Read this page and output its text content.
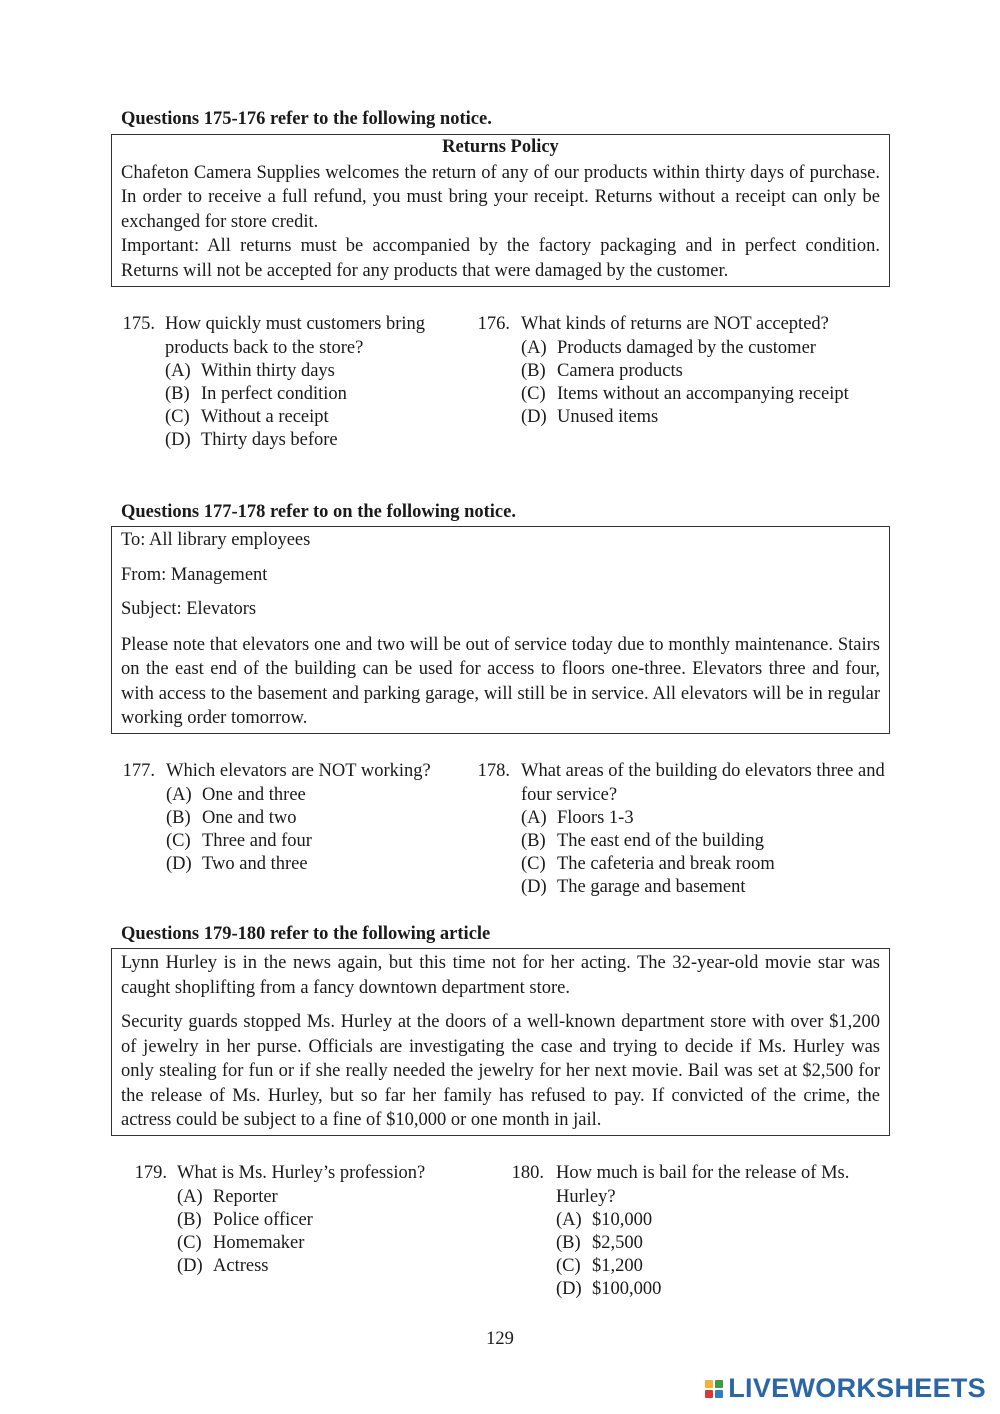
Questions 175-176 refer to the following notice.
Returns Policy

Chafeton Camera Supplies welcomes the return of any of our products within thirty days of purchase. In order to receive a full refund, you must bring your receipt. Returns without a receipt can only be exchanged for store credit.

Important: All returns must be accompanied by the factory packaging and in perfect condition. Returns will not be accepted for any products that were damaged by the customer.

175. How quickly must customers bring products back to the store?
(A) Within thirty days
(B) In perfect condition
(C) Without a receipt
(D) Thirty days before
176. What kinds of returns are NOT accepted?
(A) Products damaged by the customer
(B) Camera products
(C) Items without an accompanying receipt
(D) Unused items
Questions 177-178 refer to on the following notice.
To: All library employees
From: Management
Subject: Elevators

Please note that elevators one and two will be out of service today due to monthly maintenance. Stairs on the east end of the building can be used for access to floors one-three. Elevators three and four, with access to the basement and parking garage, will still be in service. All elevators will be in regular working order tomorrow.

177. Which elevators are NOT working?
(A) One and three
(B) One and two
(C) Three and four
(D) Two and three
178. What areas of the building do elevators three and four service?
(A) Floors 1-3
(B) The east end of the building
(C) The cafeteria and break room
(D) The garage and basement
Questions 179-180 refer to the following article

Lynn Hurley is in the news again, but this time not for her acting. The 32-year-old movie star was caught shoplifting from a fancy downtown department store.

Security guards stopped Ms. Hurley at the doors of a well-known department store with over $1,200 of jewelry in her purse. Officials are investigating the case and trying to decide if Ms. Hurley was only stealing for fun or if she really needed the jewelry for her next movie. Bail was set at $2,500 for the release of Ms. Hurley, but so far her family has refused to pay. If convicted of the crime, the actress could be subject to a fine of $10,000 or one month in jail.

179. What is Ms. Hurley’s profession?
(A) Reporter
(B) Police officer
(C) Homemaker
(D) Actress
180. How much is bail for the release of Ms. Hurley?
(A) $10,000
(B) $2,500
(C) $1,200
(D) $100,000
129
LIVEWORKSHEETS
